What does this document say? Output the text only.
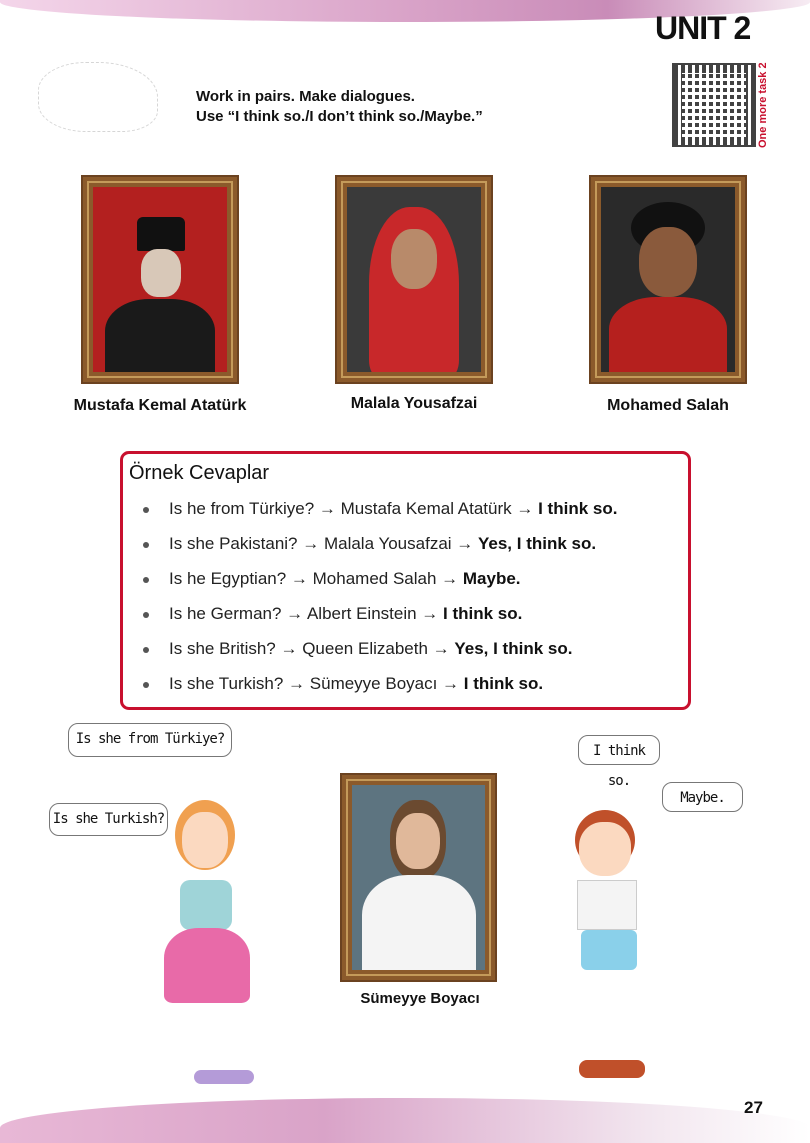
UNIT 2
Work in pairs. Make dialogues.
Use “I think so./I don’t think so./Maybe.”	One more task 2
Mustafa Kemal Atatürk	Malala Yousafzai	Mohamed Salah
Örnek Cevaplar
Is he from Türkiye? → Mustafa Kemal Atatürk → I think so.
Is she Pakistani? → Malala Yousafzai → Yes, I think so.
Is he Egyptian? → Mohamed Salah → Maybe.
Is he German? → Albert Einstein → I think so.
Is she British? → Queen Elizabeth → Yes, I think so.
Is she Turkish? → Sümeyye Boyacı → I think so.
Is she from Türkiye?
Is she Turkish?
I think so.
Maybe.
Sümeyye Boyacı
27
